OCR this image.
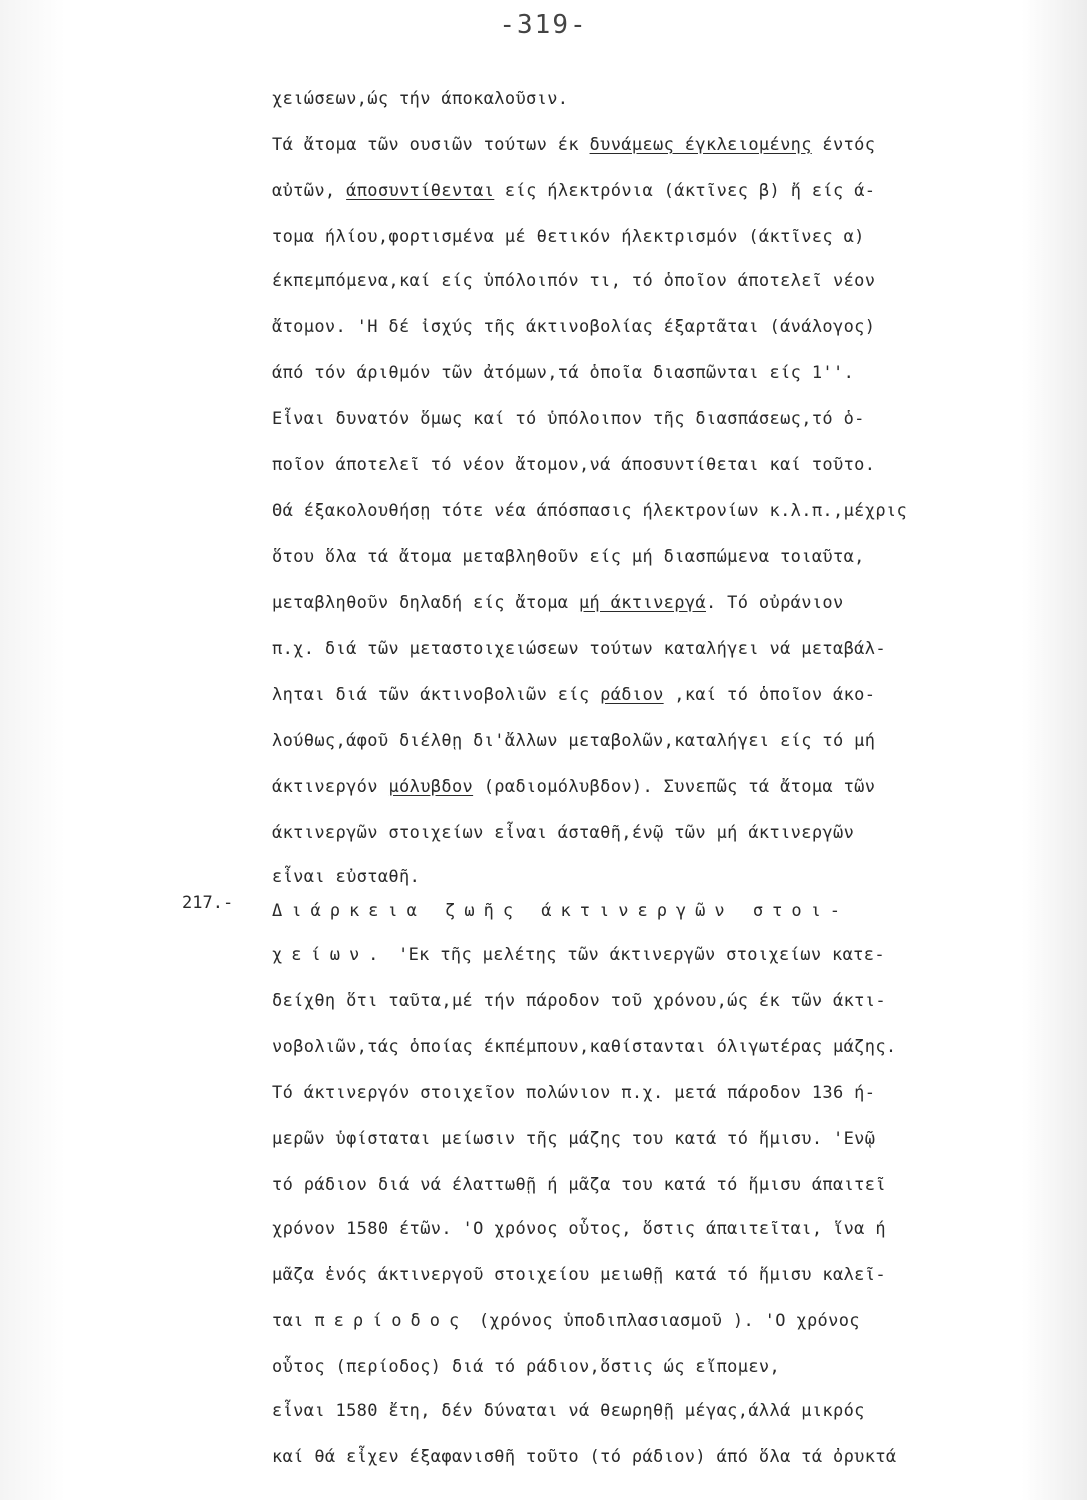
-319-
217.-
χειώσεων,ώς τήν άποκαλοῦσιν.
Τά ἄτομα τῶν ουσιῶν τούτων έκ δυνάμεως έγκλειομένης έντός
αὐτῶν, άποσυντίθενται είς ήλεκτρόνια (άκτῖνες β) ἤ είς ά-
τομα ήλίου,φορτισμένα μέ θετικόν ήλεκτρισμόν (άκτῖνες α)
έκπεμπόμενα,καί είς ὑπόλοιπόν τι, τό ὁποῖον άποτελεῖ νέον
ἄτομον. 'Η δέ ἰσχύς τῆς άκτινοβολίας έξαρτᾶται (άνάλογος)
άπό τόν άριθμόν τῶν ἀτόμων,τά ὁποῖα διασπῶνται είς 1''.
Εἶναι δυνατόν ὅμως καί τό ὑπόλοιπον τῆς διασπάσεως,τό ὁ-
ποῖον άποτελεῖ τό νέον ἄτομον,νά άποσυντίθεται καί τοῦτο.
Θά έξακολουθήσῃ τότε νέα άπόσπασις ήλεκτρονίων κ.λ.π.,μέχρις
ὅτου ὅλα τά ἄτομα μεταβληθοῦν είς μή διασπώμενα τοιαῦτα,
μεταβληθοῦν δηλαδή είς ἄτομα μή άκτινεργά. Τό οὐράνιον
π.χ. διά τῶν μεταστοιχειώσεων τούτων καταλήγει νά μεταβάλ-
ληται διά τῶν άκτινοβολιῶν είς ράδιον ,καί τό ὁποῖον άκο-
λούθως,άφοῦ διέλθῃ δι'ἄλλων μεταβολῶν,καταλήγει είς τό μή
άκτινεργόν μόλυβδον (ραδιομόλυβδον). Συνεπῶς τά ἄτομα τῶν
άκτινεργῶν στοιχείων εἶναι άσταθῆ,ένῷ τῶν μή άκτινεργῶν
εἶναι εὐσταθῆ.
Διάρκεια ζωῆς άκτινεργῶν στοι-
χείων. 'Εκ τῆς μελέτης τῶν άκτινεργῶν στοιχείων κατε-
δείχθη ὅτι ταῦτα,μέ τήν πάροδον τοῦ χρόνου,ώς έκ τῶν άκτι-
νοβολιῶν,τάς ὁποίας έκπέμπουν,καθίστανται όλιγωτέρας μάζης.
Τό άκτινεργόν στοιχεῖον πολώνιον π.χ. μετά πάροδον 136 ή-
μερῶν ὑφίσταται μείωσιν τῆς μάζης του κατά τό ἥμισυ. 'Ενῷ
τό ράδιον διά νά έλαττωθῇ ή μᾶζα του κατά τό ἥμισυ άπαιτεῖ
χρόνον 1580 έτῶν. 'Ο χρόνος οὗτος, ὅστις άπαιτεῖται, ἵνα ή
μᾶζα ἑνός άκτινεργοῦ στοιχείου μειωθῇ κατά τό ἥμισυ καλεῖ-
ται περίοδος (χρόνος ὑποδιπλασιασμοῦ ). 'Ο χρόνος
οὗτος (περίοδος) διά τό ράδιον,ὅστις ώς εἴπομεν,
εἶναι 1580 ἔτη, δέν δύναται νά θεωρηθῇ μέγας,άλλά μικρός
καί θά εἶχεν έξαφανισθῆ τοῦτο (τό ράδιον) άπό ὅλα τά ὀρυκτά
